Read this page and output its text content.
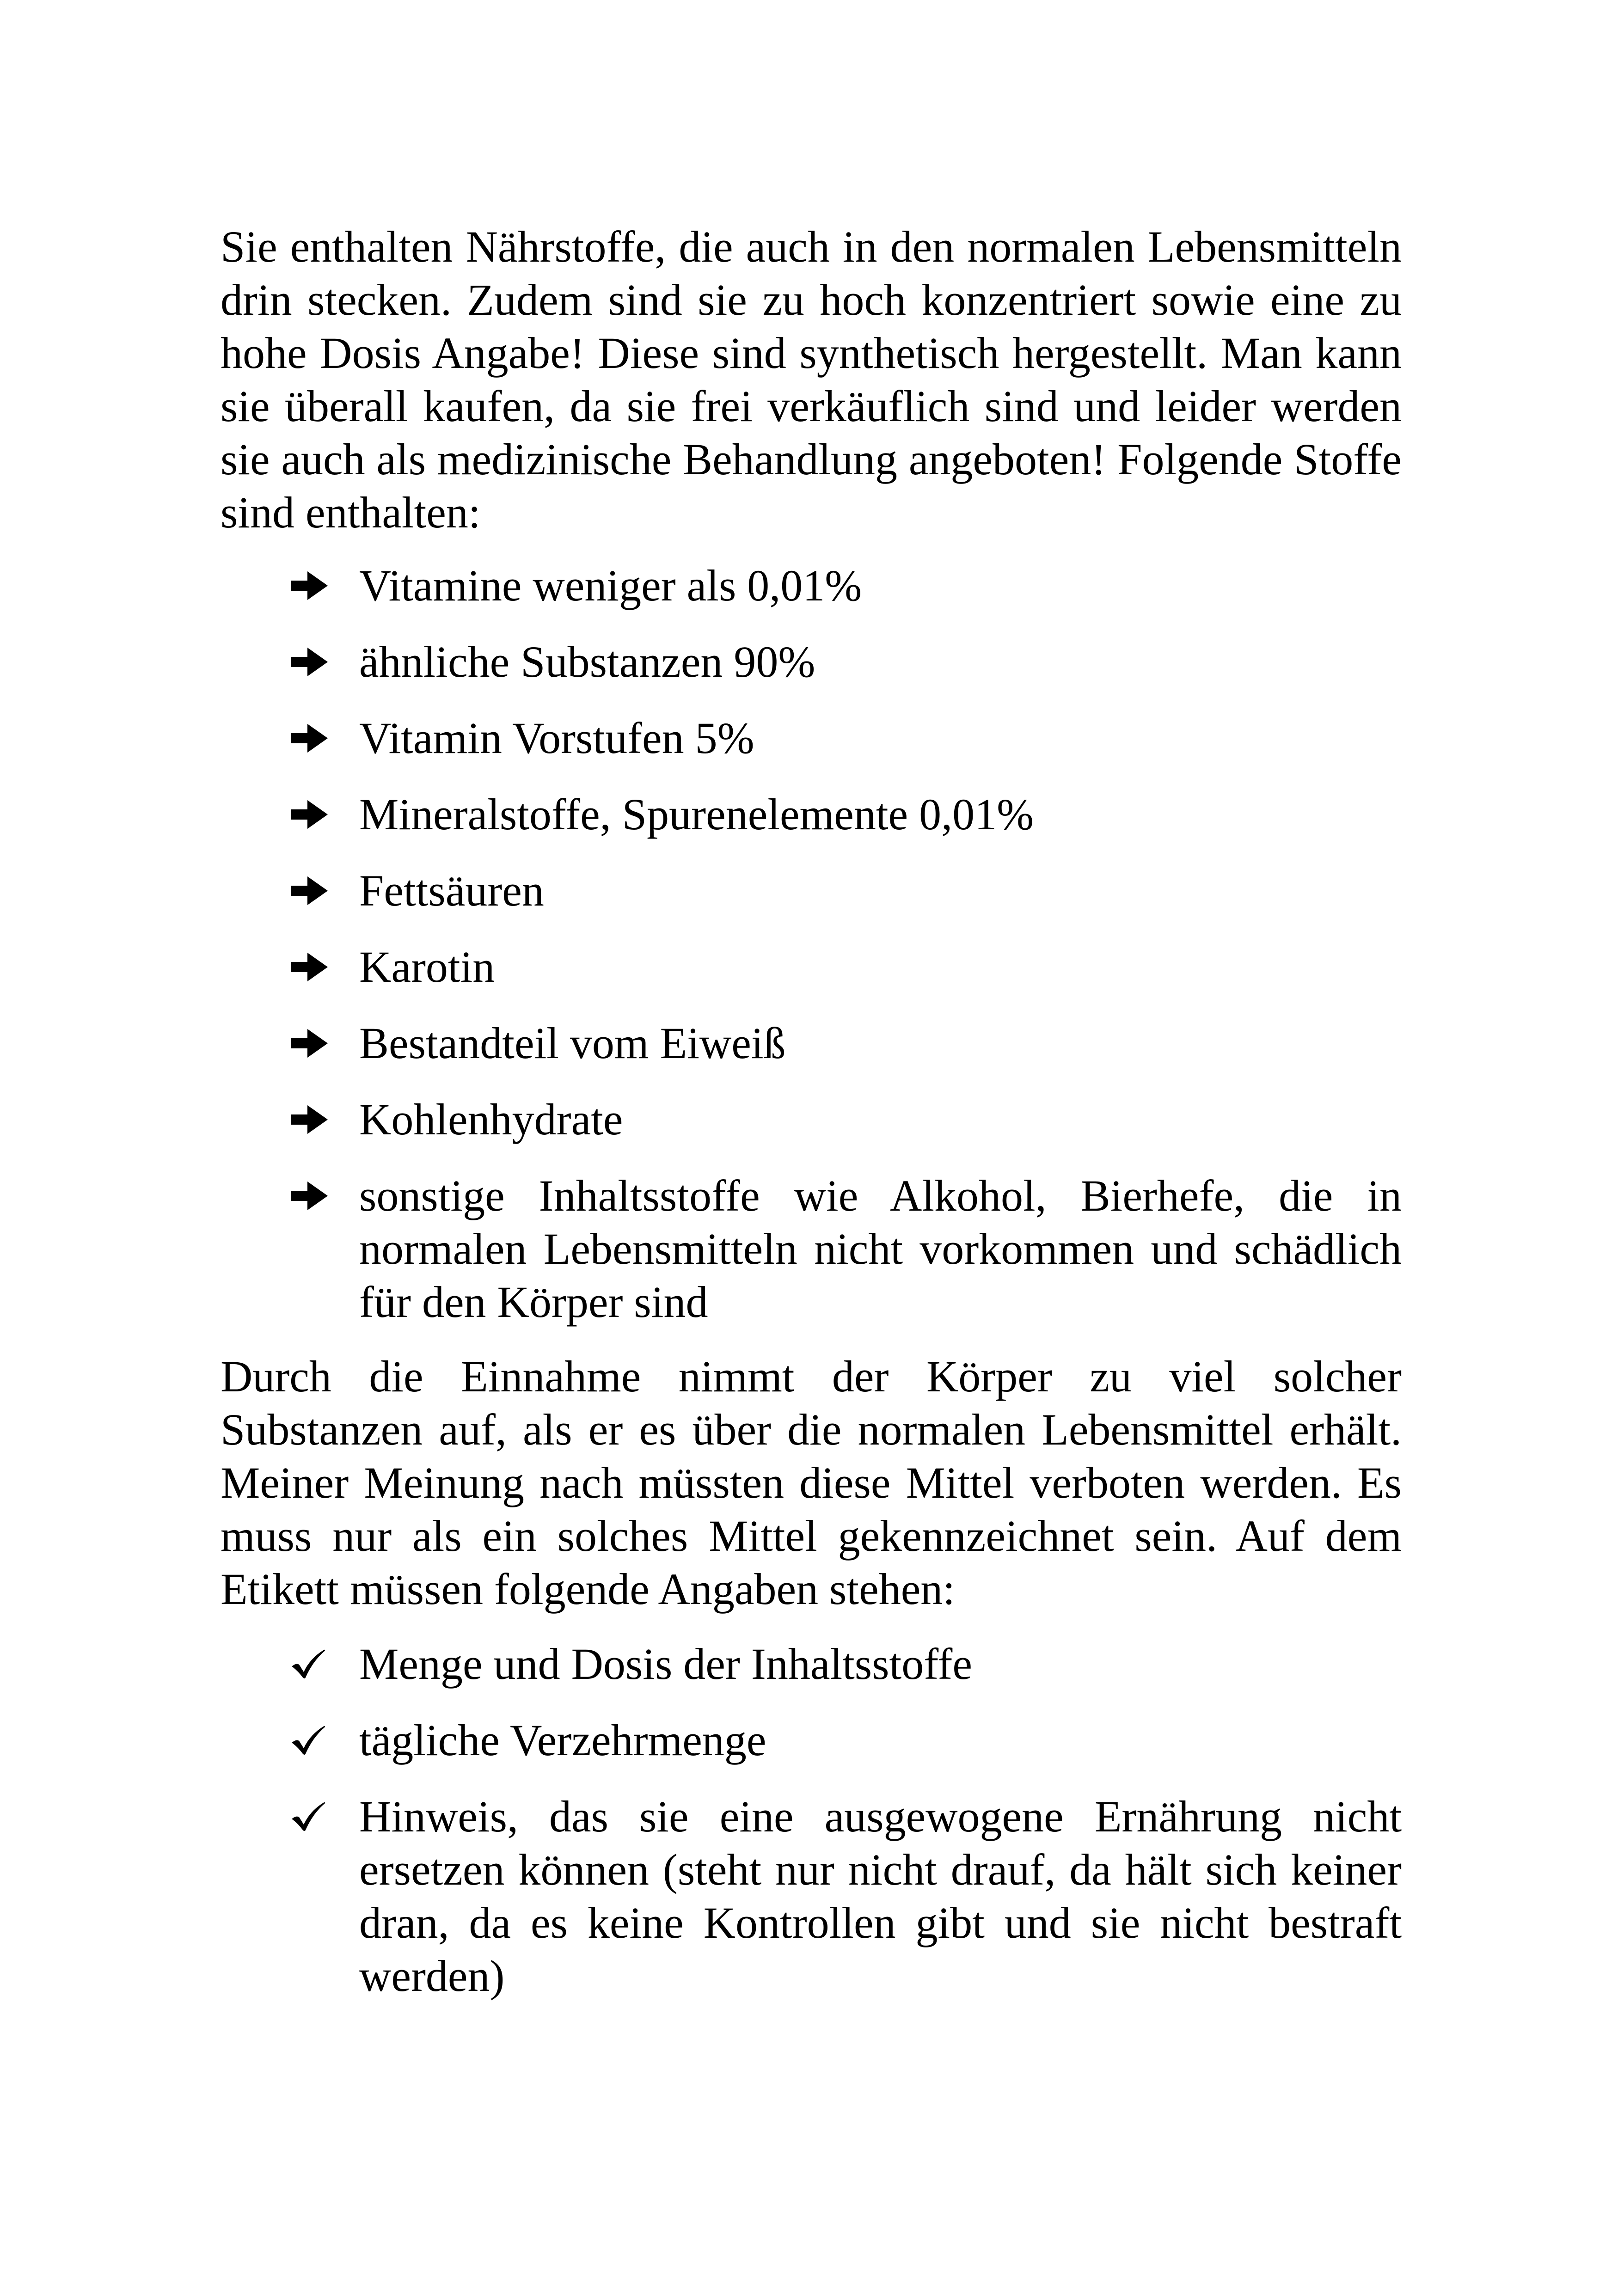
Sie enthalten Nährstoffe, die auch in den normalen Lebensmitteln drin stecken. Zudem sind sie zu hoch konzentriert sowie eine zu hohe Dosis Angabe! Diese sind synthetisch hergestellt. Man kann sie überall kaufen, da sie frei verkäuflich sind und leider werden sie auch als medizinische Behandlung angeboten! Folgende Stoffe sind enthalten:

Vitamine weniger als 0,01%
ähnliche Substanzen 90%
Vitamin Vorstufen 5%
Mineralstoffe, Spurenelemente 0,01%
Fettsäuren
Karotin
Bestandteil vom Eiweiß
Kohlenhydrate
sonstige Inhaltsstoffe wie Alkohol, Bierhefe, die in normalen Lebensmitteln nicht vorkommen und schädlich für den Körper sind

Durch die Einnahme nimmt der Körper zu viel solcher Substanzen auf, als er es über die normalen Lebensmittel erhält. Meiner Meinung nach müssten diese Mittel verboten werden. Es muss nur als ein solches Mittel gekennzeichnet sein. Auf dem Etikett müssen folgende Angaben stehen:

Menge und Dosis der Inhaltsstoffe
tägliche Verzehrmenge
Hinweis, das sie eine ausgewogene Ernährung nicht ersetzen können (steht nur nicht drauf, da hält sich keiner dran, da es keine Kontrollen gibt und sie nicht bestraft werden)
